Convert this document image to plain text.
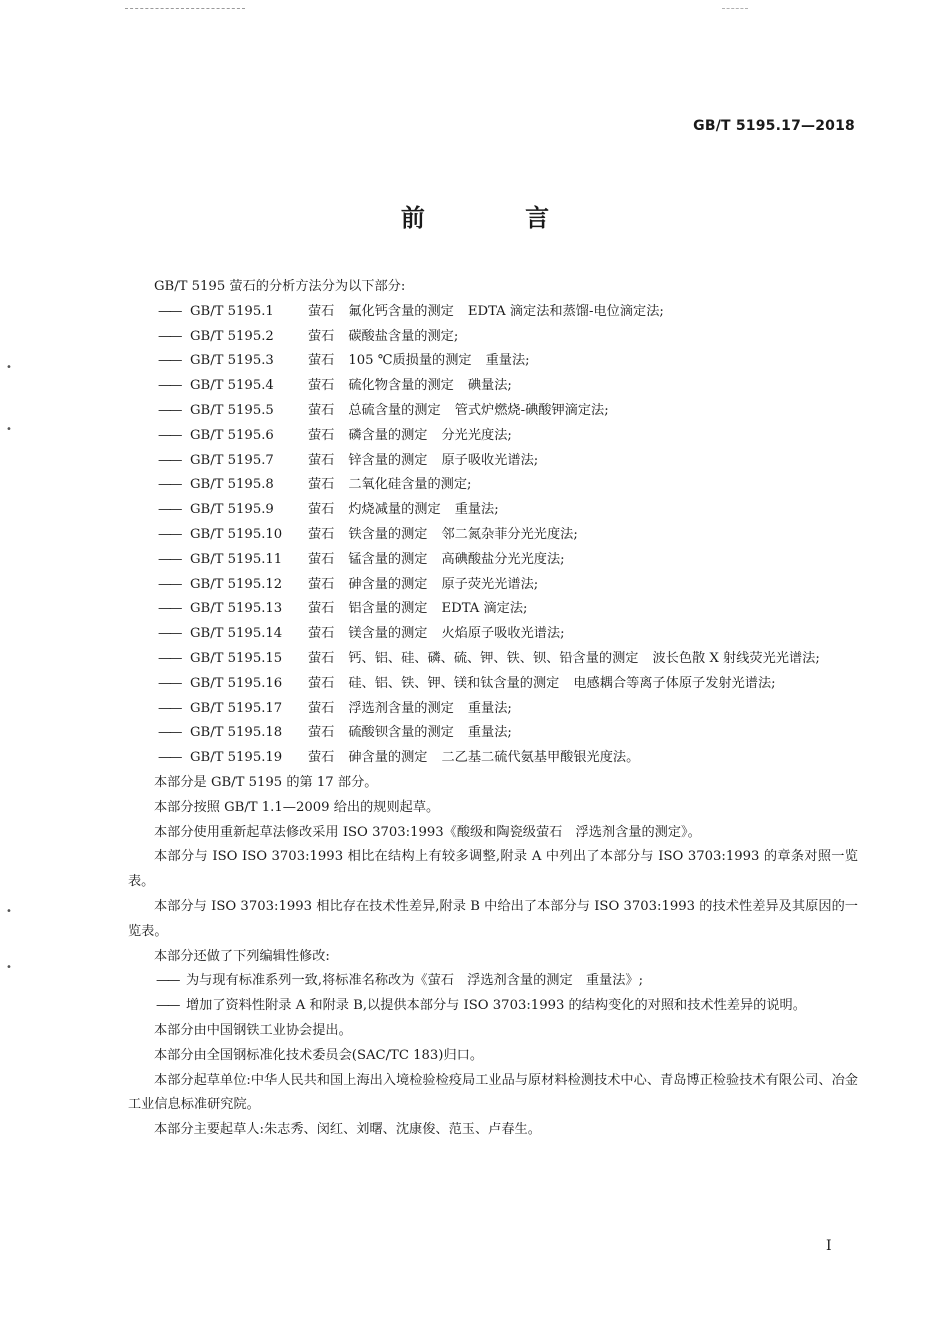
•
•
•
•
GB/T 5195.17—2018
前 言

GB/T 5195 萤石的分析方法分为以下部分:

—— GB/T 5195.1	萤石 氟化钙含量的测定 EDTA 滴定法和蒸馏-电位滴定法;

—— GB/T 5195.2	萤石 碳酸盐含量的测定;

—— GB/T 5195.3	萤石 105 ℃质损量的测定 重量法;

—— GB/T 5195.4	萤石 硫化物含量的测定 碘量法;

—— GB/T 5195.5	萤石 总硫含量的测定 管式炉燃烧-碘酸钾滴定法;

—— GB/T 5195.6	萤石 磷含量的测定 分光光度法;

—— GB/T 5195.7	萤石 锌含量的测定 原子吸收光谱法;

—— GB/T 5195.8	萤石 二氧化硅含量的测定;

—— GB/T 5195.9	萤石 灼烧减量的测定 重量法;

—— GB/T 5195.10 萤石 铁含量的测定 邻二氮杂菲分光光度法;

—— GB/T 5195.11 萤石 锰含量的测定 高碘酸盐分光光度法;

—— GB/T 5195.12 萤石 砷含量的测定 原子荧光光谱法;

—— GB/T 5195.13 萤石 铝含量的测定 EDTA 滴定法;

—— GB/T 5195.14 萤石 镁含量的测定 火焰原子吸收光谱法;

—— GB/T 5195.15 萤石 钙、铝、硅、磷、硫、钾、铁、钡、铅含量的测定 波长色散 X 射线荧光光谱法;

—— GB/T 5195.16 萤石 硅、铝、铁、钾、镁和钛含量的测定 电感耦合等离子体原子发射光谱法;

—— GB/T 5195.17 萤石 浮选剂含量的测定 重量法;

—— GB/T 5195.18 萤石 硫酸钡含量的测定 重量法;

—— GB/T 5195.19 萤石 砷含量的测定 二乙基二硫代氨基甲酸银光度法。

本部分是 GB/T 5195 的第 17 部分。

本部分按照 GB/T 1.1—2009 给出的规则起草。

本部分使用重新起草法修改采用 ISO 3703:1993《酸级和陶瓷级萤石　浮选剂含量的测定》。

本部分与 ISO ISO 3703:1993 相比在结构上有较多调整,附录 A 中列出了本部分与 ISO 3703:1993 的章条对照一览表。

本部分与 ISO 3703:1993 相比存在技术性差异,附录 B 中给出了本部分与 ISO 3703:1993 的技术性差异及其原因的一览表。

本部分还做了下列编辑性修改:

—— 为与现有标准系列一致,将标准名称改为《萤石　浮选剂含量的测定　重量法》;

—— 增加了资料性附录 A 和附录 B,以提供本部分与 ISO 3703:1993 的结构变化的对照和技术性差异的说明。

本部分由中国钢铁工业协会提出。

本部分由全国钢标准化技术委员会(SAC/TC 183)归口。

本部分起草单位:中华人民共和国上海出入境检验检疫局工业品与原材料检测技术中心、青岛博正检验技术有限公司、冶金工业信息标准研究院。

本部分主要起草人:朱志秀、闵红、刘曙、沈康俊、范玉、卢春生。

I
